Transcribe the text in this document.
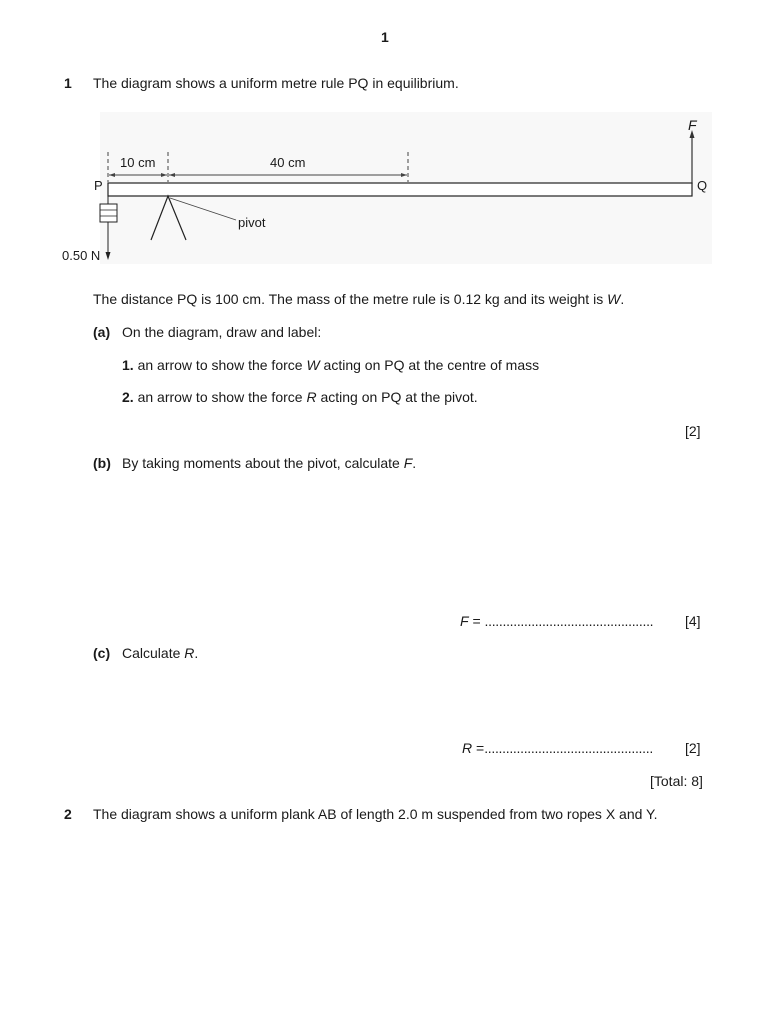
1
1 The diagram shows a uniform metre rule PQ in equilibrium.
F
10 cm	40 cm
P	Q
pivot
0.50 N
The distance PQ is 100 cm. The mass of the metre rule is 0.12 kg and its weight is W.
(a) On the diagram, draw and label:
1. an arrow to show the force W acting on PQ at the centre of mass
2. an arrow to show the force R acting on PQ at the pivot.
[2]
(b) By taking moments about the pivot, calculate F.
F = ............................................... [4]
(c) Calculate R.
R =............................................... [2]
[Total: 8]
2 The diagram shows a uniform plank AB of length 2.0 m suspended from two ropes X and Y.
